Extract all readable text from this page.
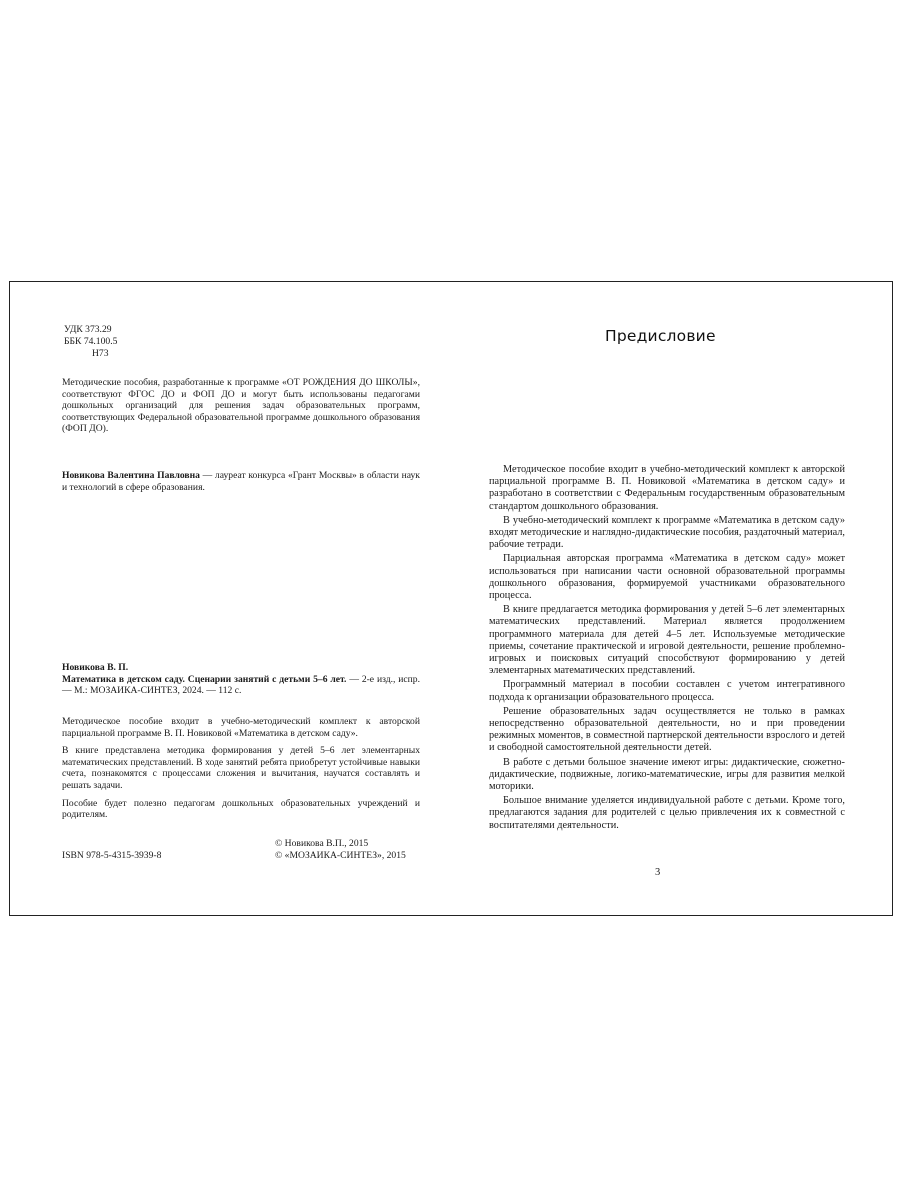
УДК 373.29
ББК 74.100.5
Н73
Методические пособия, разработанные к программе «ОТ РОЖДЕНИЯ ДО ШКОЛЫ», соответствуют ФГОС ДО и ФОП ДО и могут быть использованы педагогами дошкольных организаций для решения задач образовательных программ, соответствующих Федеральной образовательной программе дошкольного образования (ФОП ДО).
Новикова Валентина Павловна — лауреат конкурса «Грант Москвы» в области наук и технологий в сфере образования.
Новикова В. П.
Математика в детском саду. Сценарии занятий с детьми 5–6 лет. — 2-е изд., испр. — М.: МОЗАИКА-СИНТЕЗ, 2024. — 112 с.

Методическое пособие входит в учебно-методический комплект к авторской парциальной программе В. П. Новиковой «Математика в детском саду».

В книге представлена методика формирования у детей 5–6 лет элементарных математических представлений. В ходе занятий ребята приобретут устойчивые навыки счета, познакомятся с процессами сложения и вычитания, научатся составлять и решать задачи.

Пособие будет полезно педагогам дошкольных образовательных учреждений и родителям.

© Новикова В.П., 2015
© «МОЗАИКА-СИНТЕЗ», 2015
ISBN 978-5-4315-3939-8
Предисловие

Методическое пособие входит в учебно-методический комплект к авторской парциальной программе В. П. Новиковой «Математика в детском саду» и разработано в соответствии с Федеральным государственным образовательным стандартом дошкольного образования.

В учебно-методический комплект к программе «Математика в детском саду» входят методические и наглядно-дидактические пособия, раздаточный материал, рабочие тетради.

Парциальная авторская программа «Математика в детском саду» может использоваться при написании части основной образовательной программы дошкольного образования, формируемой участниками образовательного процесса.

В книге предлагается методика формирования у детей 5–6 лет элементарных математических представлений. Материал является продолжением программного материала для детей 4–5 лет. Используемые методические приемы, сочетание практической и игровой деятельности, решение проблемно-игровых и поисковых ситуаций способствуют формированию у детей элементарных математических представлений.

Программный материал в пособии составлен с учетом интегративного подхода к организации образовательного процесса.

Решение образовательных задач осуществляется не только в рамках непосредственно образовательной деятельности, но и при проведении режимных моментов, в совместной партнерской деятельности взрослого и детей и свободной самостоятельной деятельности детей.

В работе с детьми большое значение имеют игры: дидактические, сюжетно-дидактические, подвижные, логико-математические, игры для развития мелкой моторики.

Большое внимание уделяется индивидуальной работе с детьми. Кроме того, предлагаются задания для родителей с целью привлечения их к совместной с воспитателями деятельности.

3
